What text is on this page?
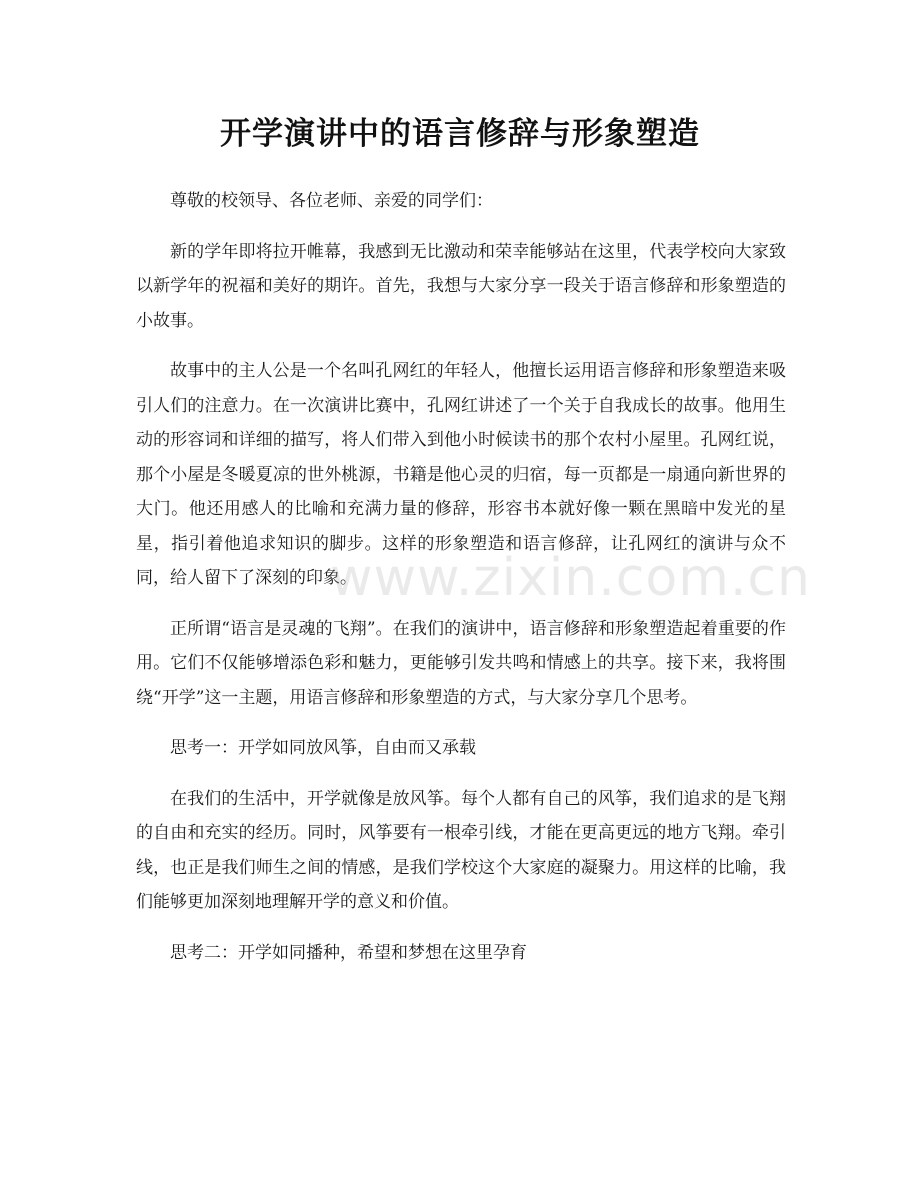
开学演讲中的语言修辞与形象塑造

尊敬的校领导、各位老师、亲爱的同学们：

新的学年即将拉开帷幕，我感到无比激动和荣幸能够站在这里，代表学校向大家致以新学年的祝福和美好的期许。首先，我想与大家分享一段关于语言修辞和形象塑造的小故事。

故事中的主人公是一个名叫孔网红的年轻人，他擅长运用语言修辞和形象塑造来吸引人们的注意力。在一次演讲比赛中，孔网红讲述了一个关于自我成长的故事。他用生动的形容词和详细的描写，将人们带入到他小时候读书的那个农村小屋里。孔网红说，那个小屋是冬暖夏凉的世外桃源，书籍是他心灵的归宿，每一页都是一扇通向新世界的大门。他还用感人的比喻和充满力量的修辞，形容书本就好像一颗在黑暗中发光的星星，指引着他追求知识的脚步。这样的形象塑造和语言修辞，让孔网红的演讲与众不同，给人留下了深刻的印象。

正所谓“语言是灵魂的飞翔”。在我们的演讲中，语言修辞和形象塑造起着重要的作用。它们不仅能够增添色彩和魅力，更能够引发共鸣和情感上的共享。接下来，我将围绕“开学”这一主题，用语言修辞和形象塑造的方式，与大家分享几个思考。

思考一：开学如同放风筝，自由而又承载

在我们的生活中，开学就像是放风筝。每个人都有自己的风筝，我们追求的是飞翔的自由和充实的经历。同时，风筝要有一根牵引线，才能在更高更远的地方飞翔。牵引线，也正是我们师生之间的情感，是我们学校这个大家庭的凝聚力。用这样的比喻，我们能够更加深刻地理解开学的意义和价值。

思考二：开学如同播种，希望和梦想在这里孕育

www.zixin.com.cn
